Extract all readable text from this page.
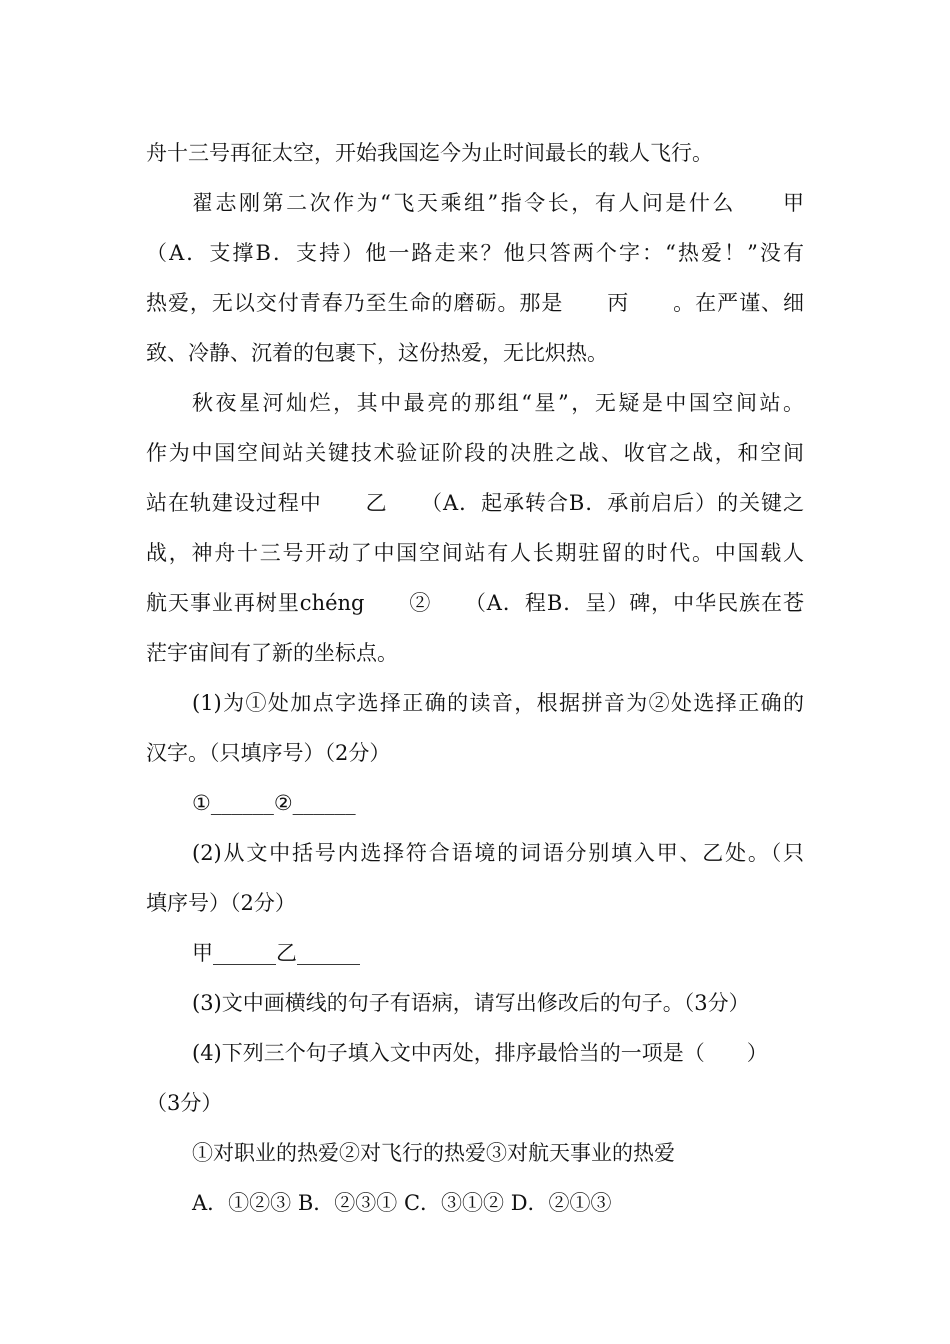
舟十三号再征太空，开始我国迄今为止时间最长的载人飞行。
翟志刚第二次作为“飞天乘组”指令长，有人问是什么　　甲
（A．支撑B．支持）他一路走来？他只答两个字：“热爱！”没有
热爱，无以交付青春乃至生命的磨砺。那是　　丙　　。在严谨、细
致、冷静、沉着的包裹下，这份热爱，无比炽热。
秋夜星河灿烂，其中最亮的那组“星”，无疑是中国空间站。
作为中国空间站关键技术验证阶段的决胜之战、收官之战，和空间
站在轨建设过程中　　乙　　（A．起承转合B．承前启后）的关键之
战，神舟十三号开动了中国空间站有人长期驻留的时代。中国载人
航天事业再树里chéng　　②　　（A．程B．呈）碑，中华民族在苍
茫宇宙间有了新的坐标点。
(1)为①处加点字选择正确的读音，根据拼音为②处选择正确的
汉字。（只填序号）（2分）
①______②______
(2)从文中括号内选择符合语境的词语分别填入甲、乙处。（只
填序号）（2分）
甲______乙______
(3)文中画横线的句子有语病，请写出修改后的句子。（3分）
(4)下列三个句子填入文中丙处，排序最恰当的一项是（　　）
（3分）
①对职业的热爱②对飞行的热爱③对航天事业的热爱
A．①②③ B．②③① C．③①② D．②①③
